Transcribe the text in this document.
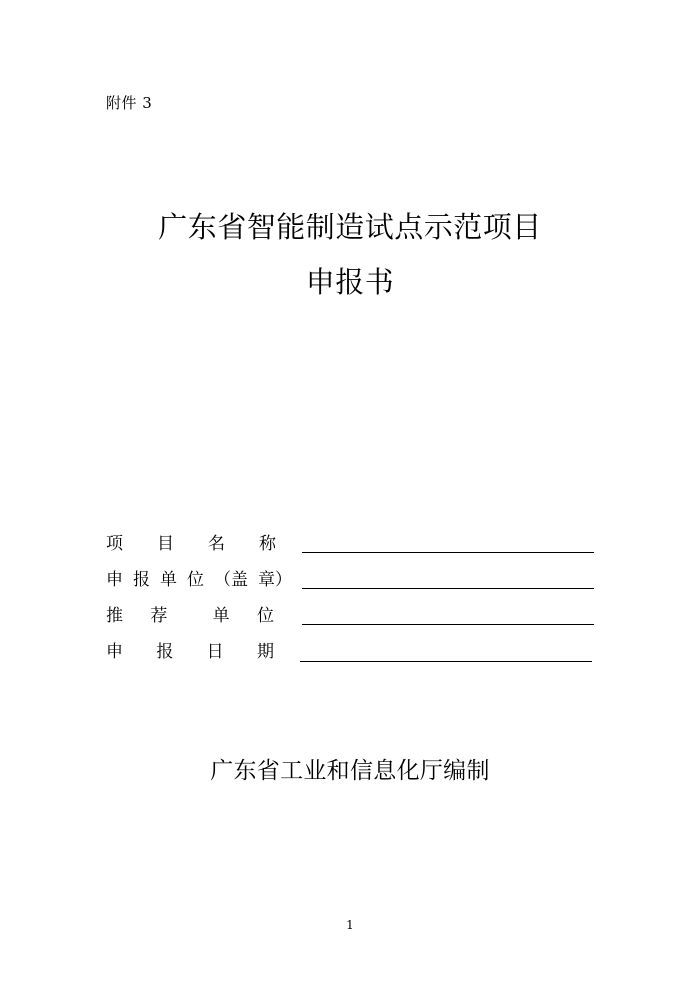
附件 3
广东省智能制造试点示范项目
申报书
项 目 名 称
申 报 单 位 （盖 章）
推 荐	单 位
申 报 日 期
广东省工业和信息化厅编制
1
